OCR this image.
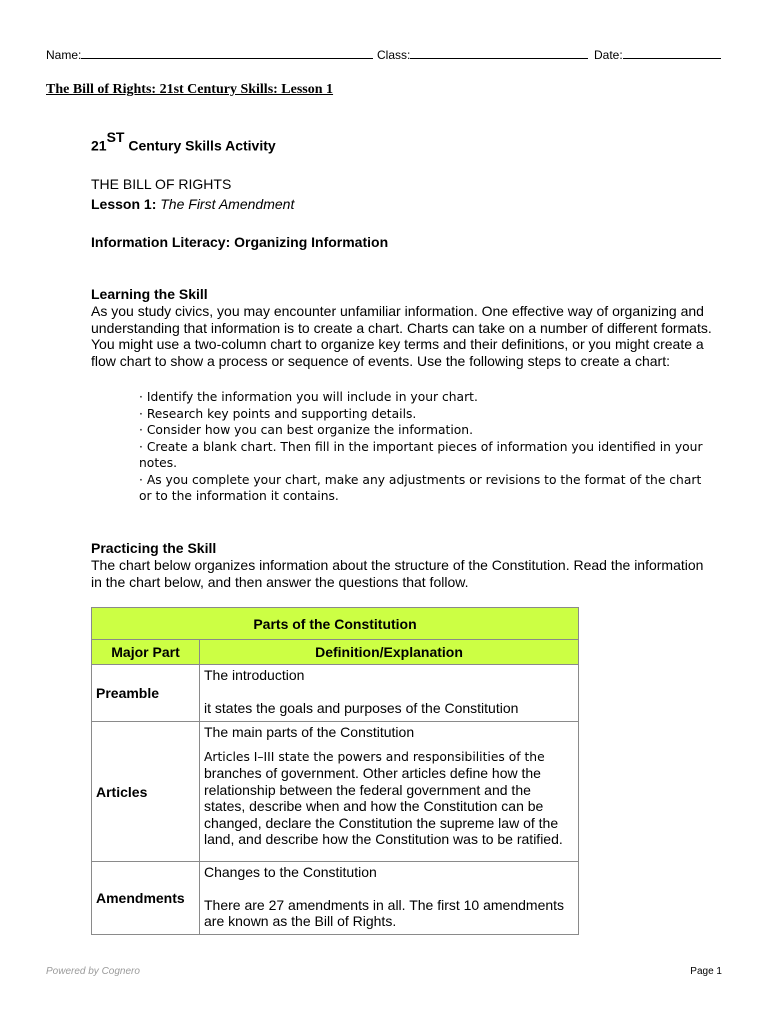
Name:	Class:	Date:
The Bill of Rights: 21st Century Skills: Lesson 1
21ST Century Skills Activity
THE BILL OF RIGHTS
Lesson 1: The First Amendment
Information Literacy: Organizing Information
Learning the Skill
As you study civics, you may encounter unfamiliar information. One effective way of organizing and understanding that information is to create a chart. Charts can take on a number of different formats. You might use a two-column chart to organize key terms and their definitions, or you might create a flow chart to show a process or sequence of events. Use the following steps to create a chart:
· Identify the information you will include in your chart.
· Research key points and supporting details.
· Consider how you can best organize the information.
· Create a blank chart. Then fill in the important pieces of information you identified in your notes.
· As you complete your chart, make any adjustments or revisions to the format of the chart or to the information it contains.
Practicing the Skill
The chart below organizes information about the structure of the Constitution. Read the information in the chart below, and then answer the questions that follow.
Parts of the Constitution	
Major Part	Definition/Explanation
Preamble	The introduction
it states the goals and purposes of the Constitution

Articles	The main parts of the Constitution
Articles I–III state the powers and responsibilities of the
branches of government. Other articles define how the relationship between the federal government and the states, describe when and how the Constitution can be changed, declare the Constitution the supreme law of the land, and describe how the Constitution was to be ratified.

Amendments	Changes to the Constitution
There are 27 amendments in all. The first 10 amendments are known as the Bill of Rights.
Powered by Cognero	Page 1
